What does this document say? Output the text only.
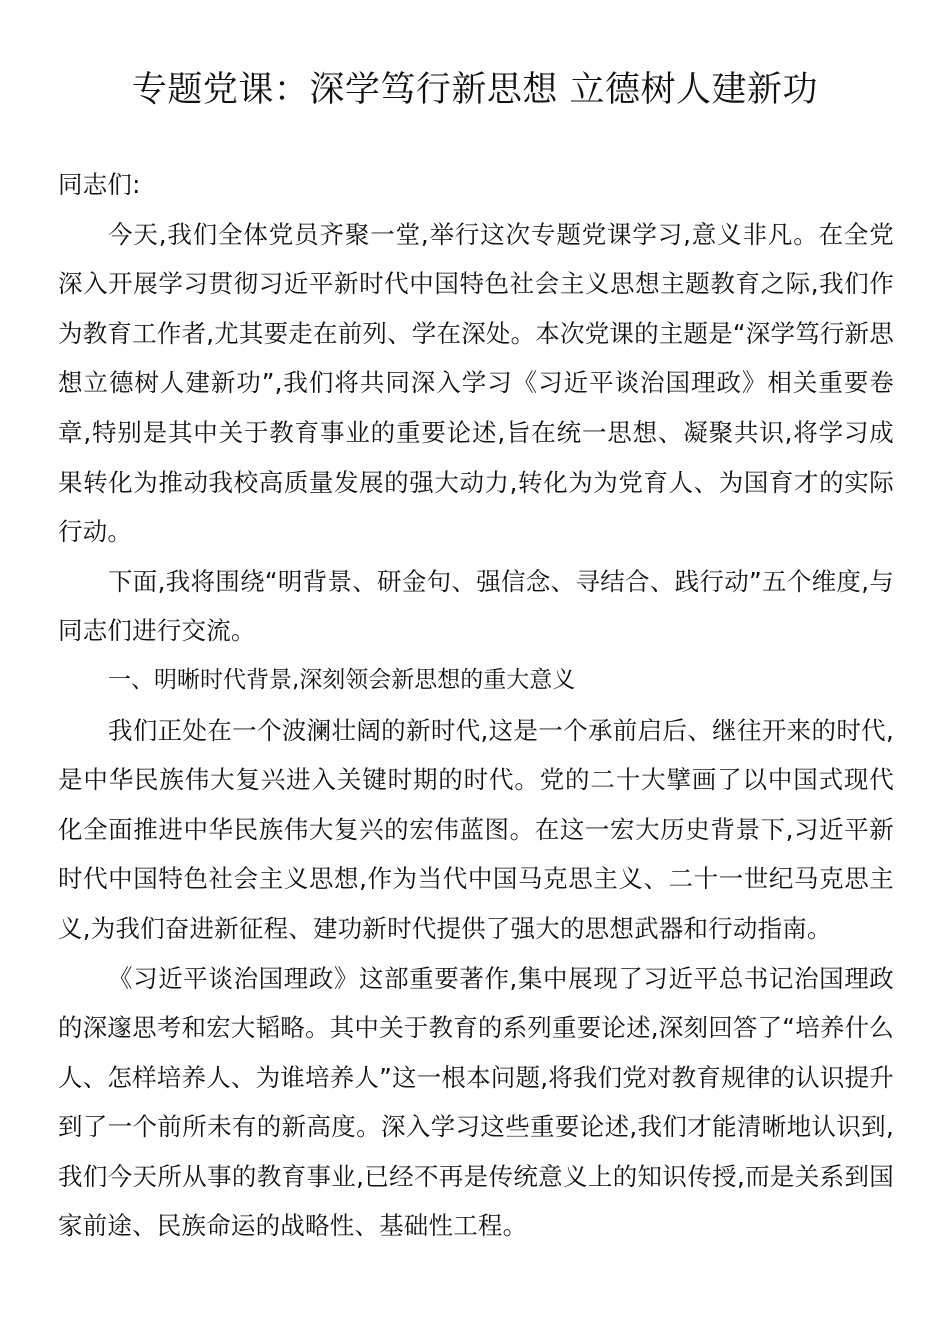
专题党课：深学笃行新思想 立德树人建新功

同志们:

今天,我们全体党员齐聚一堂,举行这次专题党课学习,意义非凡。在全党深入开展学习贯彻习近平新时代中国特色社会主义思想主题教育之际,我们作为教育工作者,尤其要走在前列、学在深处。本次党课的主题是“深学笃行新思想立德树人建新功”,我们将共同深入学习《习近平谈治国理政》相关重要卷章,特别是其中关于教育事业的重要论述,旨在统一思想、凝聚共识,将学习成果转化为推动我校高质量发展的强大动力,转化为为党育人、为国育才的实际行动。

下面,我将围绕“明背景、研金句、强信念、寻结合、践行动”五个维度,与同志们进行交流。

一、明晰时代背景,深刻领会新思想的重大意义

我们正处在一个波澜壮阔的新时代,这是一个承前启后、继往开来的时代,是中华民族伟大复兴进入关键时期的时代。党的二十大擘画了以中国式现代化全面推进中华民族伟大复兴的宏伟蓝图。在这一宏大历史背景下,习近平新时代中国特色社会主义思想,作为当代中国马克思主义、二十一世纪马克思主义,为我们奋进新征程、建功新时代提供了强大的思想武器和行动指南。

《习近平谈治国理政》这部重要著作,集中展现了习近平总书记治国理政的深邃思考和宏大韬略。其中关于教育的系列重要论述,深刻回答了“培养什么人、怎样培养人、为谁培养人”这一根本问题,将我们党对教育规律的认识提升到了一个前所未有的新高度。深入学习这些重要论述,我们才能清晰地认识到,我们今天所从事的教育事业,已经不再是传统意义上的知识传授,而是关系到国家前途、民族命运的战略性、基础性工程。
